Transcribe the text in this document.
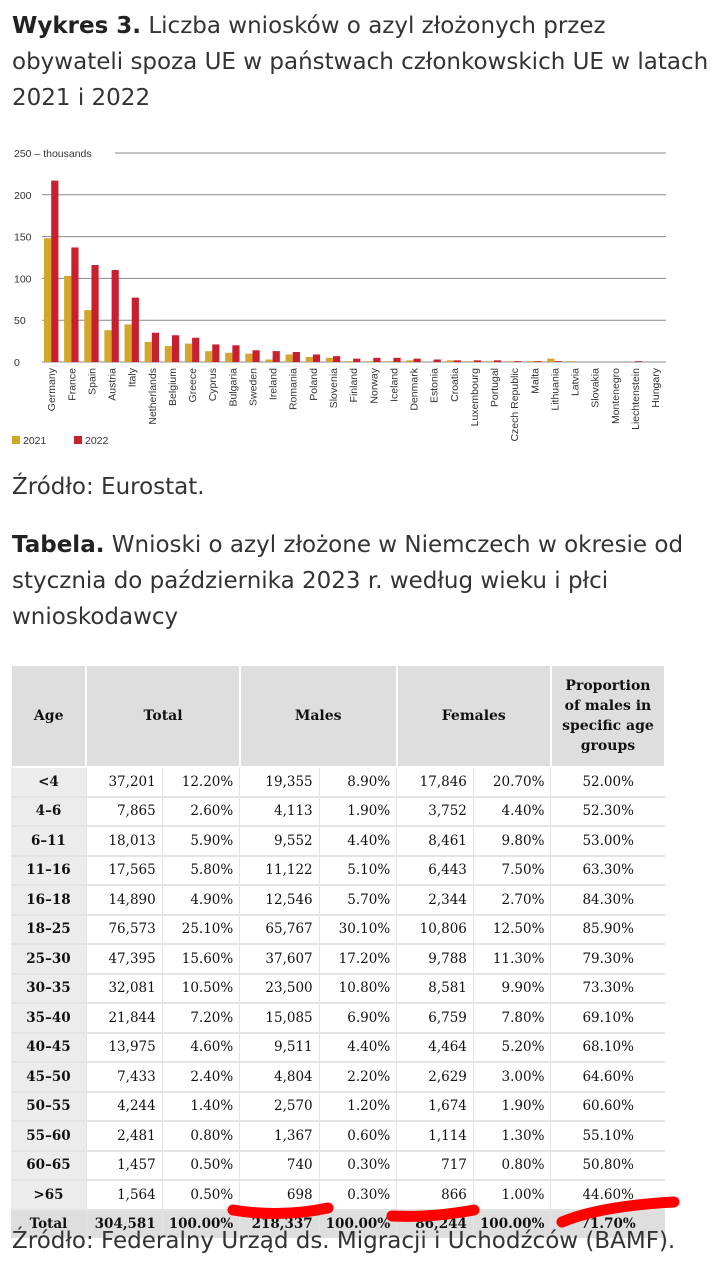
Wykres 3. Liczba wniosków o azyl złożonych przez obywateli spoza UE w państwach członkowskich UE w latach 2021 i 2022

0
50
100
150
200
250 – thousands
Germany France Spain Austria Italy Netherlands Belgium Greece Cyprus Bulgaria Sweden Ireland Romania Poland Slovenia Finland Norway Iceland Denmark Estonia Croatia Luxembourg Portugal Czech Republic Malta Lithuania Latvia Slovakia Montenegro Liechtenstein Hungary
2021	2022

Źródło: Eurostat.

Tabela. Wnioski o azyl złożone w Niemczech w okresie od stycznia do października 2023 r. według wieku i płci wnioskodawcy

Age	Total		Males		Females		Proportion of males in specific age groups
<4	37,201	12.20%	19,355	8.90%	17,846	20.70%	52.00%
4–6	7,865	2.60%	4,113	1.90%	3,752	4.40%	52.30%
6–11	18,013	5.90%	9,552	4.40%	8,461	9.80%	53.00%
11–16	17,565	5.80%	11,122	5.10%	6,443	7.50%	63.30%
16–18	14,890	4.90%	12,546	5.70%	2,344	2.70%	84.30%
18–25	76,573	25.10%	65,767	30.10%	10,806	12.50%	85.90%
25–30	47,395	15.60%	37,607	17.20%	9,788	11.30%	79.30%
30–35	32,081	10.50%	23,500	10.80%	8,581	9.90%	73.30%
35–40	21,844	7.20%	15,085	6.90%	6,759	7.80%	69.10%
40–45	13,975	4.60%	9,511	4.40%	4,464	5.20%	68.10%
45–50	7,433	2.40%	4,804	2.20%	2,629	3.00%	64.60%
50–55	4,244	1.40%	2,570	1.20%	1,674	1.90%	60.60%
55–60	2,481	0.80%	1,367	0.60%	1,114	1.30%	55.10%
60–65	1,457	0.50%	740	0.30%	717	0.80%	50.80%
>65	1,564	0.50%	698	0.30%	866	1.00%	44.60%
Total	304,581	100.00%	218,337	100.00%	86,244	100.00%	71.70%

Źródło: Federalny Urząd ds. Migracji i Uchodźców (BAMF).
